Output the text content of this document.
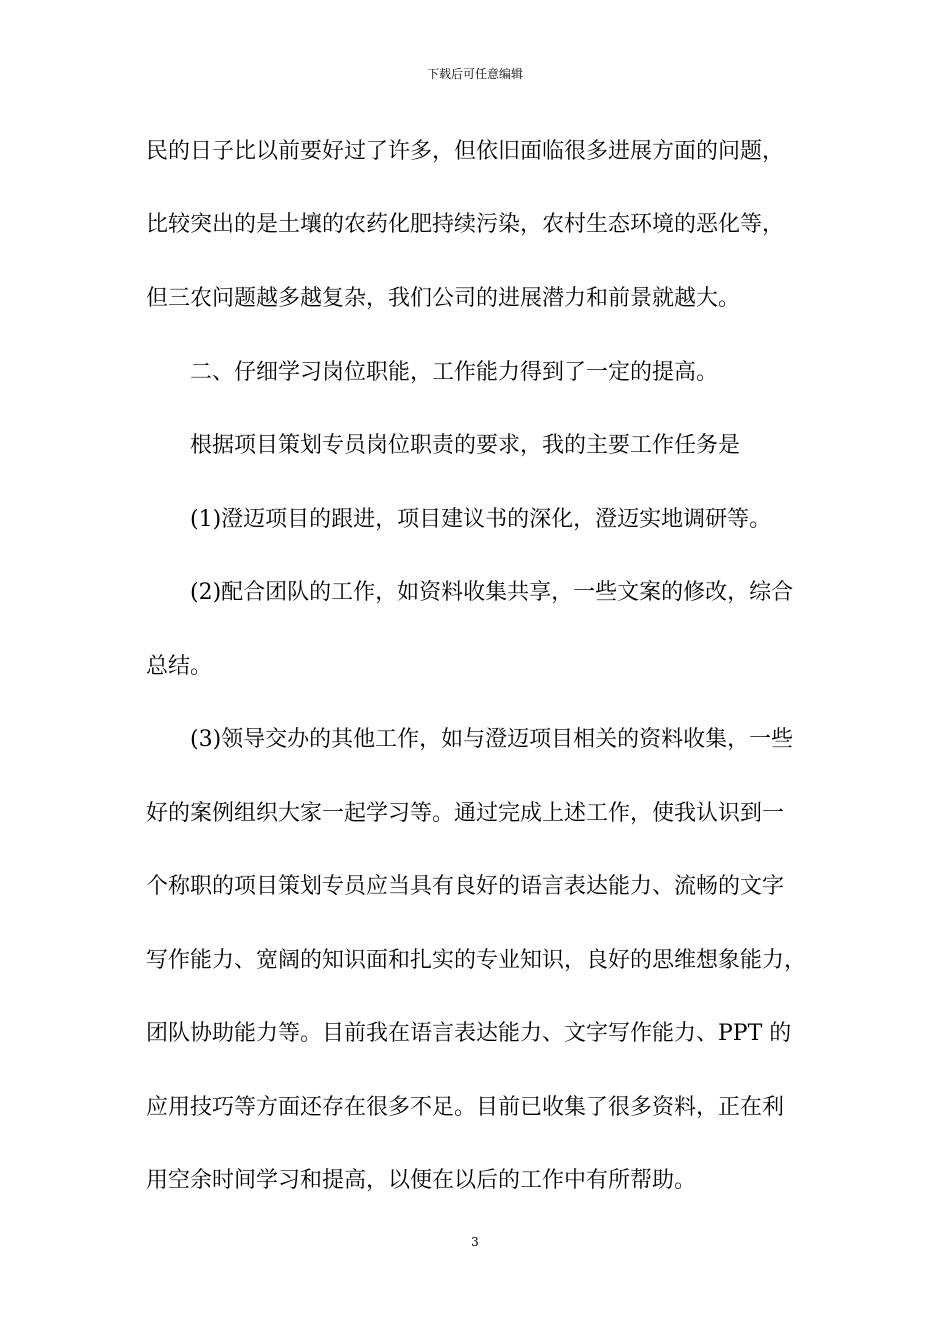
下载后可任意编辑
民的日子比以前要好过了许多，但依旧面临很多进展方面的问题，
比较突出的是土壤的农药化肥持续污染，农村生态环境的恶化等，
但三农问题越多越复杂，我们公司的进展潜力和前景就越大。
二、仔细学习岗位职能，工作能力得到了一定的提高。
根据项目策划专员岗位职责的要求，我的主要工作任务是
(1)澄迈项目的跟进，项目建议书的深化，澄迈实地调研等。
(2)配合团队的工作，如资料收集共享，一些文案的修改，综合
总结。
(3)领导交办的其他工作，如与澄迈项目相关的资料收集，一些
好的案例组织大家一起学习等。通过完成上述工作，使我认识到一
个称职的项目策划专员应当具有良好的语言表达能力、流畅的文字
写作能力、宽阔的知识面和扎实的专业知识，良好的思维想象能力，
团队协助能力等。目前我在语言表达能力、文字写作能力、PPT 的
应用技巧等方面还存在很多不足。目前已收集了很多资料，正在利
用空余时间学习和提高，以便在以后的工作中有所帮助。
3
